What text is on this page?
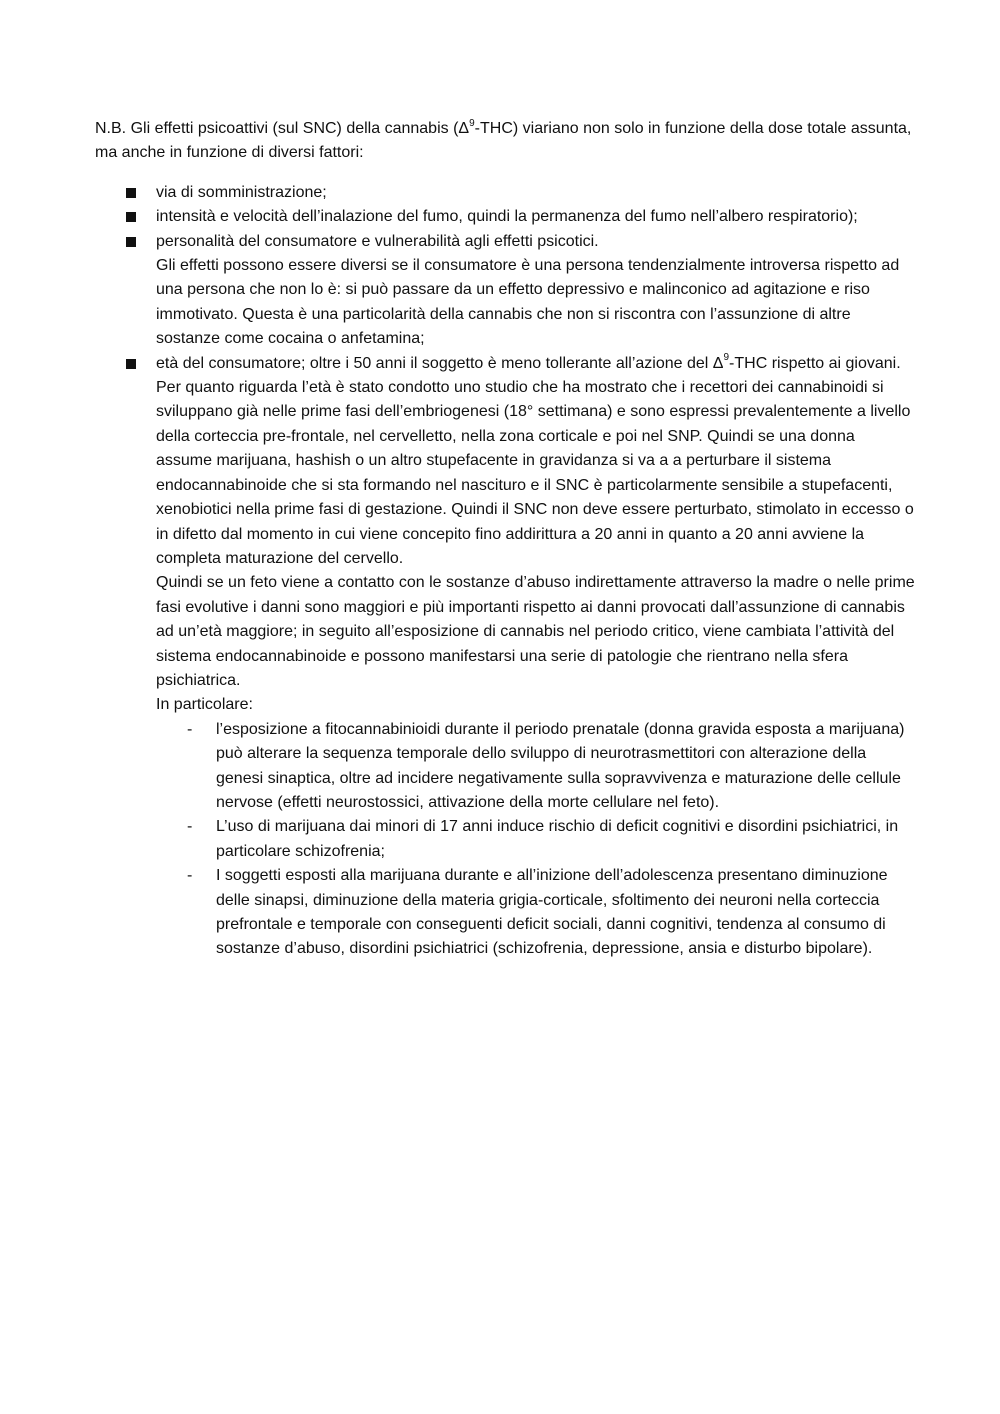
N.B. Gli effetti psicoattivi (sul SNC) della cannabis $(\Delta^9-THC)$ viariano non solo in funzione della dose totale assunta, ma anche in funzione di diversi fattori:

via di somministrazione;
intensità e velocità dell’inalazione del fumo, quindi la permanenza del fumo nell’albero respiratorio);
personalità del consumatore e vulnerabilità agli effetti psicotici.
Gli effetti possono essere diversi se il consumatore è una persona tendenzialmente introversa rispetto ad una persona che non lo è: si può passare da un effetto depressivo e malinconico ad agitazione e riso immotivato. Questa è una particolarità della cannabis che non si riscontra con l’assunzione di altre sostanze come cocaina o anfetamina;
età del consumatore; oltre i 50 anni il soggetto è meno tollerante all’azione del $\Delta^9$-THC rispetto ai giovani.
Per quanto riguarda l’età è stato condotto uno studio che ha mostrato che i recettori dei cannabinoidi si sviluppano già nelle prime fasi dell’embriogenesi (18° settimana) e sono espressi prevalentemente a livello della corteccia pre-frontale, nel cervelletto, nella zona corticale e poi nel SNP. Quindi se una donna assume marijuana, hashish o un altro stupefacente in gravidanza si va a a perturbare il sistema endocannabinoide che si sta formando nel nascituro e il SNC è particolarmente sensibile a stupefacenti, xenobiotici nella prime fasi di gestazione. Quindi il SNC non deve essere perturbato, stimolato in eccesso o in difetto dal momento in cui viene concepito fino addirittura a 20 anni in quanto a 20 anni avviene la completa maturazione del cervello.
Quindi se un feto viene a contatto con le sostanze d’abuso indirettamente attraverso la madre o nelle prime fasi evolutive i danni sono maggiori e più importanti rispetto ai danni provocati dall’assunzione di cannabis ad un’età maggiore; in seguito all’esposizione di cannabis nel periodo critico, viene cambiata l’attività del sistema endocannabinoide e possono manifestarsi una serie di patologie che rientrano nella sfera psichiatrica.
In particolare:
- l’esposizione a fitocannabinioidi durante il periodo prenatale (donna gravida esposta a marijuana) può alterare la sequenza temporale dello sviluppo di neurotrasmettitori con alterazione della genesi sinaptica, oltre ad incidere negativamente sulla sopravvivenza e maturazione delle cellule nervose (effetti neurostossici, attivazione della morte cellulare nel feto).
- L’uso di marijuana dai minori di 17 anni induce rischio di deficit cognitivi e disordini psichiatrici, in particolare schizofrenia;
- I soggetti esposti alla marijuana durante e all’inizione dell’adolescenza presentano diminuzione delle sinapsi, diminuzione della materia grigia-corticale, sfoltimento dei neuroni nella corteccia prefrontale e temporale con conseguenti deficit sociali, danni cognitivi, tendenza al consumo di sostanze d’abuso, disordini psichiatrici (schizofrenia, depressione, ansia e disturbo bipolare).
